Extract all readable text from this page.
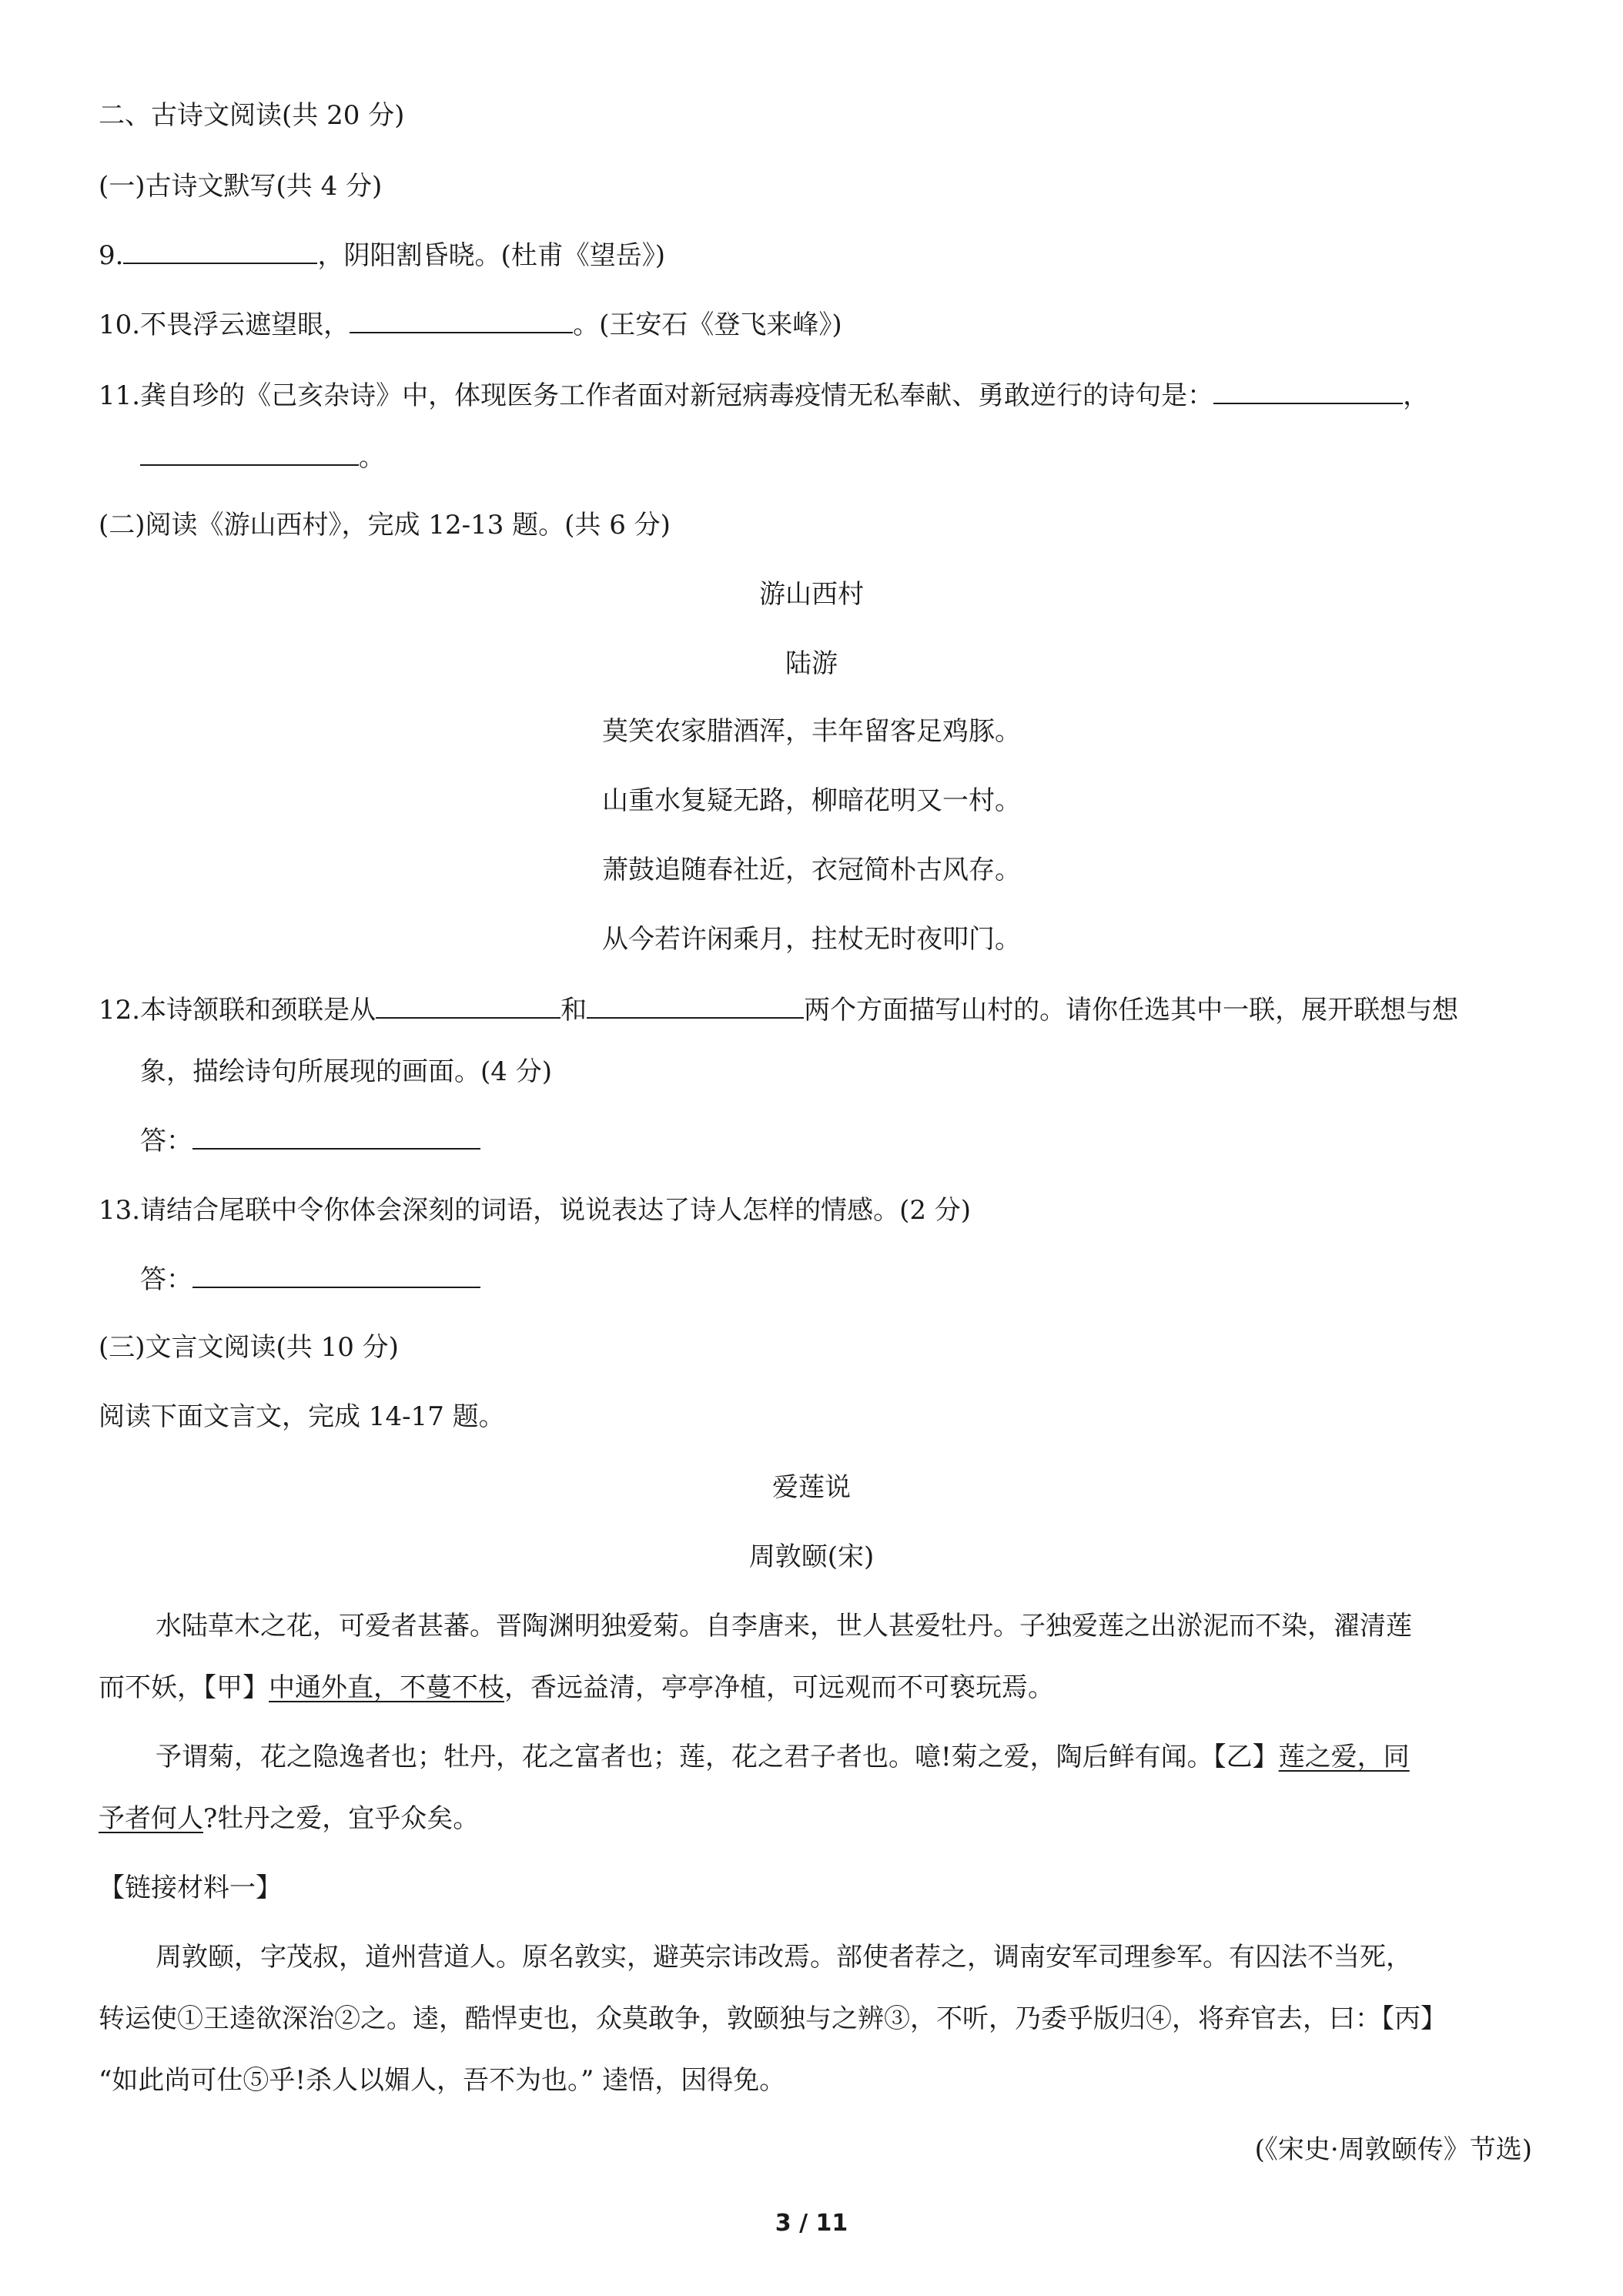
二、古诗文阅读(共 20 分)
(一)古诗文默写(共 4 分)
9.	，阴阳割昏晓。(杜甫《望岳》)
10.不畏浮云遮望眼，	。(王安石《登飞来峰》)
11.龚自珍的《己亥杂诗》中，体现医务工作者面对新冠病毒疫情无私奉献、勇敢逆行的诗句是：	，
。
(二)阅读《游山西村》，完成 12-13 题。(共 6 分)
游山西村
陆游
莫笑农家腊酒浑，丰年留客足鸡豚。
山重水复疑无路，柳暗花明又一村。
萧鼓追随春社近，衣冠简朴古风存。
从今若许闲乘月，拄杖无时夜叩门。
12.本诗颔联和颈联是从	和	两个方面描写山村的。请你任选其中一联，展开联想与想
象，描绘诗句所展现的画面。(4 分)
答：
13.请结合尾联中令你体会深刻的词语，说说表达了诗人怎样的情感。(2 分)
答：
(三)文言文阅读(共 10 分)
阅读下面文言文，完成 14-17 题。
爱莲说
周敦颐(宋)
水陆草木之花，可爱者甚蕃。晋陶渊明独爱菊。自李唐来，世人甚爱牡丹。子独爱莲之出淤泥而不染，濯清莲
而不妖，【甲】中通外直，不蔓不枝，香远益清，亭亭净植，可远观而不可亵玩焉。
予谓菊，花之隐逸者也；牡丹，花之富者也；莲，花之君子者也。噫!菊之爱，陶后鲜有闻。【乙】莲之爱，同
予者何人?牡丹之爱，宜乎众矣。
【链接材料一】
周敦颐，字茂叔，道州营道人。原名敦实，避英宗讳改焉。部使者荐之，调南安军司理参军。有囚法不当死，
转运使①王逵欲深治②之。逵，酷悍吏也，众莫敢争，敦颐独与之辨③，不听，乃委乎版归④，将弃官去，曰：【丙】
“如此尚可仕⑤乎!杀人以媚人，吾不为也。” 逵悟，因得免。
(《宋史·周敦颐传》节选)
3 / 11
